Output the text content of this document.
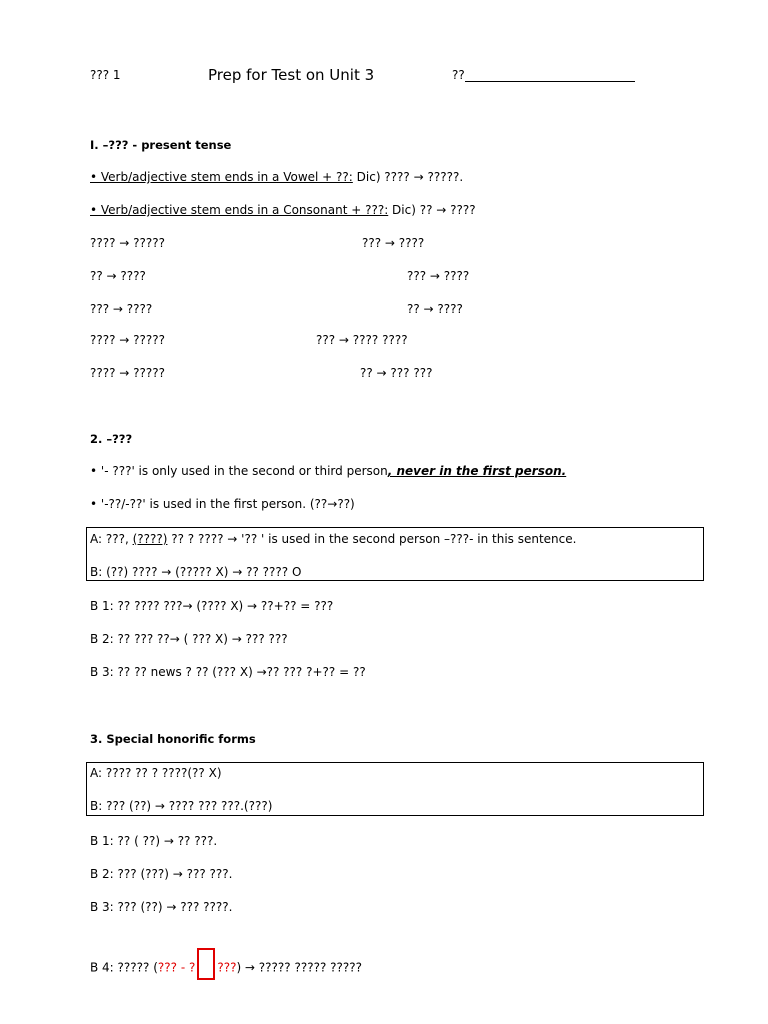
??? 1	Prep for Test on Unit 3	??
I. –??? - present tense
• Verb/adjective stem ends in a Vowel + ??: Dic) ???? → ?????.
• Verb/adjective stem ends in a Consonant + ???: Dic) ?? → ????
???? → ?????	??? → ????
?? → ????	??? → ????
??? → ????	?? → ????
???? → ?????	??? → ???? ????
???? → ?????	?? → ??? ???
2. –???
• '- ???' is only used in the second or third person, never in the first person.
• '-??/-??' is used in the first person. (??→??)
A: ???, (????) ?? ? ???? → '?? ' is used in the second person –???- in this sentence.
B: (??) ???? → (????? X) → ?? ???? O
B 1: ?? ???? ???→ (???? X) → ??+?? = ???
B 2: ?? ??? ??→ ( ??? X) → ??? ???
B 3: ?? ?? news ? ?? (??? X) →?? ??? ?+?? = ??
3. Special honorific forms
A: ???? ?? ? ????(?? X)
B: ??? (??) → ???? ??? ???.(???)
B 1: ?? ( ??) → ?? ???.
B 2: ??? (???) → ??? ???.
B 3: ??? (??) → ??? ????.
B 4: ????? (??? - ? ???) → ????? ????? ?????
